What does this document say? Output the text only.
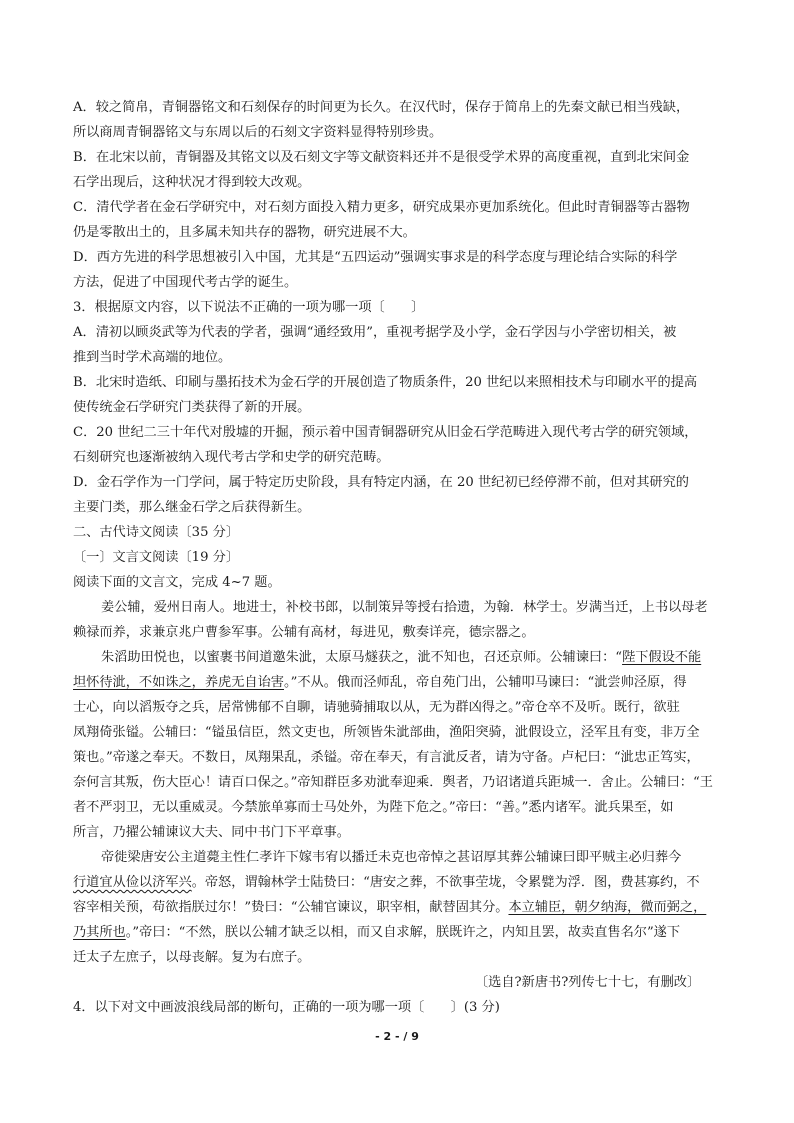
A．较之简帛，青铜器铭文和石刻保存的时间更为长久。在汉代时，保存于简帛上的先秦文献已相当残缺，
所以商周青铜器铭文与东周以后的石刻文字资料显得特别珍贵。
B．在北宋以前，青铜器及其铭文以及石刻文字等文献资料还并不是很受学术界的高度重视，直到北宋间金
石学出现后，这种状况才得到较大改观。
C．清代学者在金石学研究中，对石刻方面投入精力更多，研究成果亦更加系统化。但此时青铜器等古器物
仍是零散出土的，且多属未知共存的器物，研究进展不大。
D．西方先进的科学思想被引入中国，尤其是“五四运动”强调实事求是的科学态度与理论结合实际的科学
方法，促进了中国现代考古学的诞生。
3．根据原文内容，以下说法不正确的一项为哪一项〔　　〕
A．清初以顾炎武等为代表的学者，强调“通经致用”，重视考据学及小学，金石学因与小学密切相关，被
推到当时学术高端的地位。
B．北宋时造纸、印刷与墨拓技术为金石学的开展创造了物质条件，20 世纪以来照相技术与印刷水平的提高
使传统金石学研究门类获得了新的开展。
C．20 世纪二三十年代对殷墟的开掘，预示着中国青铜器研究从旧金石学范畴进入现代考古学的研究领域，
石刻研究也逐渐被纳入现代考古学和史学的研究范畴。
D．金石学作为一门学问，属于特定历史阶段，具有特定内涵，在 20 世纪初已经停滞不前，但对其研究的
主要门类，那么继金石学之后获得新生。
二、古代诗文阅读〔35 分〕
〔一〕文言文阅读〔19 分〕
阅读下面的文言文，完成 4~7 题。
姜公辅，爱州日南人。地进士，补校书郎，以制策异等授右拾遗，为翰．林学士。岁满当迁，上书以母老
赖禄而养，求兼京兆户曹参军事。公辅有高材，每进见，敷奏详亮，德宗器之。
朱滔助田悦也，以蜜裹书间道邀朱泚，太原马燧获之，泚不知也，召还京师。公辅谏曰：“陛下假设不能
坦怀待泚，不如诛之，养虎无自诒害。”不从。俄而泾师乱，帝自苑门出，公辅叩马谏曰：“泚尝帅泾原，得
士心，向以滔叛夺之兵，居常怫郁不自聊，请驰骑捕取以从，无为群凶得之。”帝仓卒不及听。既行，欲驻
凤翔倚张镒。公辅曰：“镒虽信臣，然文吏也，所领皆朱泚部曲，渔阳突骑，泚假设立，泾军且有变，非万全
策也。”帝遂之奉天。不数日，凤翔果乱，杀镒。帝在奉天，有言泚反者，请为守备。卢杞曰：“泚忠正笃实，
奈何言其叛，伤大臣心！请百口保之。”帝知群臣多劝泚奉迎乘．舆者，乃诏诸道兵距城一．舍止。公辅曰：“王
者不严羽卫，无以重威灵。今禁旅单寡而士马处外，为陛下危之。”帝曰：“善。”悉内诸军。泚兵果至，如
所言，乃擢公辅谏议大夫、同中书门下平章事。
帝徙梁唐安公主道薨主性仁孝许下嫁韦宥以播迁未克也帝悼之甚诏厚其葬公辅谏曰即平贼主必归葬今
行道宜从俭以济军兴。帝怒，谓翰林学士陆贽曰：“唐安之葬，不欲事茔垅，令累甓为浮．图，费甚寡约，不
容宰相关预，苟欲指朕过尔！”贽曰：“公辅官谏议，职宰相，献替固其分。本立辅臣，朝夕纳海，微而弼之，
乃其所也。”帝曰：“不然，朕以公辅才缺乏以相，而又自求解，朕既许之，内知且罢，故卖直售名尔”遂下
迁太子左庶子，以母丧解。复为右庶子。
〔选自?新唐书?列传七十七，有删改〕
4．以下对文中画波浪线局部的断句，正确的一项为哪一项〔　　〕(3 分)
- 2 - / 9
